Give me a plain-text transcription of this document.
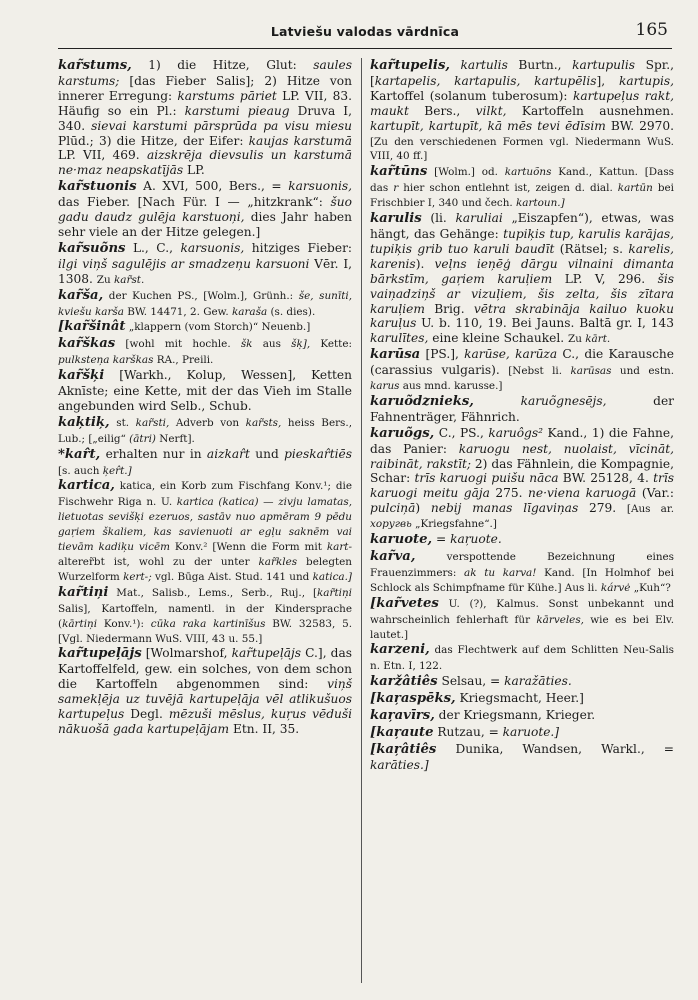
Latviešu valodas vārdnīca	165

kar̃stums, 1) die Hitze, Glut: saules karstums; [das Fieber Salis]; 2) Hitze von innerer Erregung: karstums pāriet LP. VII, 83. Häufig so ein Pl.: karstumi pieaug Druva I, 340. sievai karstumi pārsprūda pa visu miesu Plūd.; 3) die Hitze, der Eifer: kaujas karstumā LP. VII, 469. aizskrēja dievsulis un karstumā ne·maz neapskatījās LP.

kar̃stuonis A. XVI, 500, Bers., = karsuonis, das Fieber. [Nach Für. I — „hitzkrank“: šuo gadu daudz gulēja karstuoņi, dies Jahr haben sehr viele an der Hitze gelegen.]

kar̃suõns L., C., karsuonis, hitziges Fieber: ilgi viņš sagulējis ar smadzeņu karsuoni Vēr. I, 1308. Zu kar̃st.

kar̃ša, der Kuchen PS., [Wolm.], Grünh.: še, sunīti, kviešu karša BW. 14471, 2. Gew. karaša (s. dies).

[kar̃šinât „klappern (vom Storch)“ Neuenb.]

kar̃škas [wohl mit hochle. šk aus šķ], Kette: pulksteņa karškas RA., Preili.

kar̃šķi [Warkh., Kolup, Wessen], Ketten Aknīste; eine Kette, mit der das Vieh im Stalle angebunden wird Selb., Schub.

kaķtiķ, st. kar̃sti, Adverb von kar̃sts, heiss Bers., Lub.; [„eilig“ (ātri) Nerft].

*kar̂t, erhalten nur in aizkar̂t und pieskar̂tiēs [s. auch ķer̂t.]

kartica, katica, ein Korb zum Fischfang Konv.¹; die Fischwehr Riga n. U. kartica (katica) — zivju lamatas, lietuotas sevišķi ezeruos, sastāv nuo apmēram 9 pēdu gaŗiem škaliem, kas savienuoti ar egļu saknēm vai tievām kadiķu vicēm Konv.² [Wenn die Form mit kart- alterer̃bt ist, wohl zu der unter kar̃kles belegten Wurzelform kert-; vgl. Būga Aist. Stud. 141 und katica.]

kar̃tiņi Mat., Salisb., Lems., Serb., Ruj., [kar̃tiņi Salis], Kartoffeln, namentl. in der Kindersprache (kārtiņi Konv.¹): cūka raka kartinīšus BW. 32583, 5. [Vgl. Niedermann WuS. VIII, 43 u. 55.]

kar̃tupeļājs [Wolmarshof, kar̃tupeļājs C.], das Kartoffelfeld, gew. ein solches, von dem schon die Kartoffeln abgenommen sind: viņš samekļēja uz tuvējā kartupeļāja vēl atlikušuos kartupeļus Degl. mēzuši mēslus, kuŗus vēduši nākuošā gada kartupeļājam Etn. II, 35.

kar̃tupelis, kartulis Burtn., kartupulis Spr., [kartapelis, kartapulis, kartupēlis], kartupis, Kartoffel (solanum tuberosum): kartupeļus rakt, maukt Bers., vilkt, Kartoffeln ausnehmen. kartupīt, kartupīt, kā mēs tevi ēdīsim BW. 2970. [Zu den verschiedenen Formen vgl. Niedermann WuS. VIII, 40 ff.]

kar̃tūns [Wolm.] od. kartuõns Kand., Kattun. [Dass das r hier schon entlehnt ist, zeigen d. dial. kartūn bei Frischbier I, 340 und čech. kartoun.]

karulis (li. karuliai „Eiszapfen“), etwas, was hängt, das Gehänge: tupiķis tup, karulis karājas, tupiķis grib tuo karuli baudīt (Rätsel; s. karelis, karenis). veļns ieņēģ dārgu vilnaini dimanta bārkstīm, gaŗiem karuļiem LP. V, 296. šis vaiņadziņš ar vizuļiem, šis zelta, šis zītara karuļiem Brig. vētra skrabināja kailuo kuoku karuļus U. b. 110, 19. Bei Jauns. Baltā gr. I, 143 karulītes, eine kleine Schaukel. Zu kārt.

karūsa [PS.], karūse, karūza C., die Karausche (carassius vulgaris). [Nebst li. karūsas und estn. karus aus mnd. karusse.]

karuõdznieks,	karuõgnesējs, der Fahnenträger, Fähnrich.

karuõgs, C., PS., karuôgs² Kand., 1) die Fahne, das Panier: karuogu nest, nuolaist, vīcināt, raibināt, rakstīt; 2) das Fähnlein, die Kompagnie, Schar: trīs karuogi puišu nāca BW. 25128, 4. trīs karuogi meitu gāja 275. ne·viena karuogā (Var.: pulciņā) nebij manas līgaviņas 279. [Aus ar. хоругвь „Kriegsfahne“.]

karuote, = kaŗuote.

kar̃va, verspottende Bezeichnung eines Frauenzimmers: ak tu karva! Kand. [In Holmhof bei Schlock als Schimpfname für Kühe.] Aus li. kárvė „Kuh“?

[kar̃vetes U. (?), Kalmus. Sonst unbekannt und wahrscheinlich fehlerhaft für kārveles, wie es bei Elv. lautet.]

karzeni, das Flechtwerk auf dem Schlitten Neu-Salis n. Etn. I, 122.

karžâtiês Selsau, = karažāties.

[kaŗaspēks, Kriegsmacht, Heer.]

kaŗavīrs, der Kriegsmann, Krieger.

[kaŗaute Rutzau, = karuote.]

[kaŗâtiês Dunika, Wandsen, Warkl., = karāties.]
